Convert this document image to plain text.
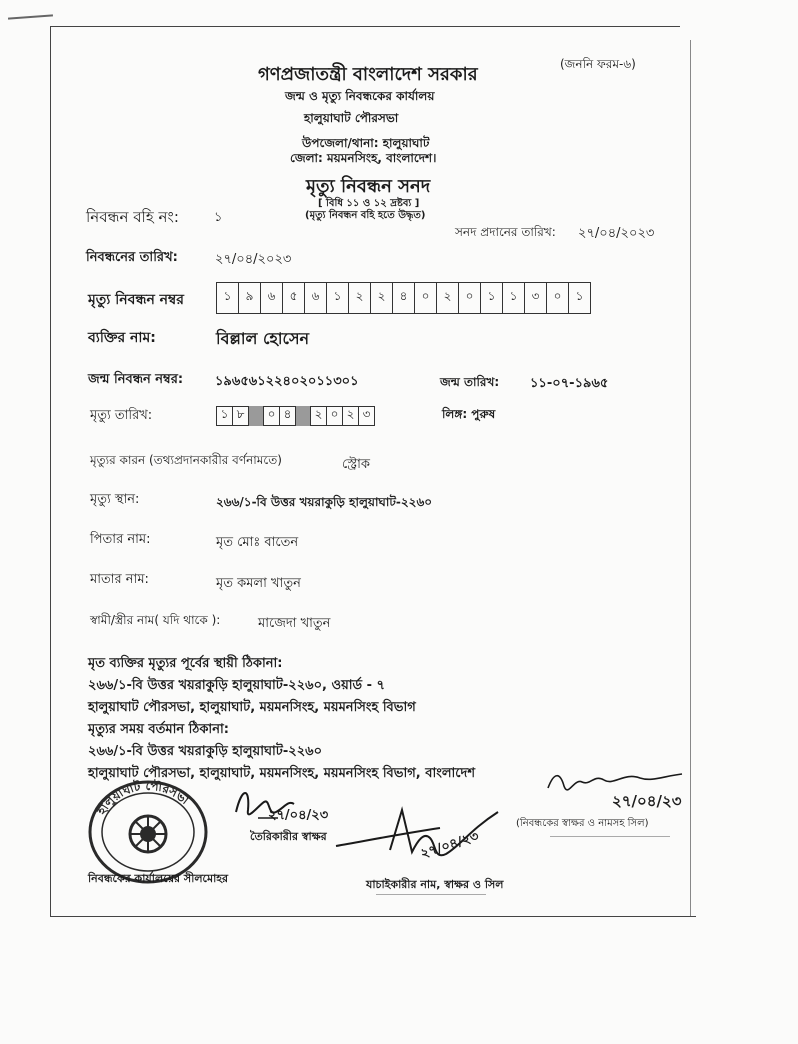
(জননি ফরম-৬)
গণপ্রজাতন্ত্রী বাংলাদেশ সরকার
জন্ম ও মৃত্যু নিবন্ধকের কার্যালয়
হালুয়াঘাট পৌরসভা
উপজেলা/থানা: হালুয়াঘাট
জেলা: ময়মনসিংহ, বাংলাদেশ।
মৃত্যু নিবন্ধন সনদ
[ বিধি ১১ ও ১২ দ্রষ্টব্য ]
(মৃত্যু নিবন্ধন বহি হতে উদ্ধৃত)
নিবন্ধন বহি নং:	১
সনদ প্রদানের তারিখ: ২৭/০৪/২০২৩
নিবন্ধনের তারিখ:	২৭/০৪/২০২৩
মৃত্যু নিবন্ধন নম্বর	১	৯	৬	৫	৬	১	২	২	৪	০	২	০	১	১	৩	০	১
ব্যক্তির নাম:	বিল্লাল হোসেন
জন্ম নিবন্ধন নম্বর: ১৯৬৫৬১২২৪০২০১১৩০১	জন্ম তারিখ: ১১-০৭-১৯৬৫
মৃত্যু তারিখ:	১ ৮	০ ৪	২ ০ ২ ৩	লিঙ্গ: পুরুষ
মৃত্যুর কারন (তথ্যপ্রদানকারীর বর্ণনামতে)	স্ট্রোক
মৃত্যু স্থান:	২৬৬/১-বি উত্তর খয়রাকুড়ি হালুয়াঘাট-২২৬০
পিতার নাম:	মৃত মোঃ বাতেন
মাতার নাম:	মৃত কমলা খাতুন
স্বামী/স্ত্রীর নাম( যদি থাকে ):	মাজেদা খাতুন
মৃত ব্যক্তির মৃত্যুর পূর্বের স্থায়ী ঠিকানা:
২৬৬/১-বি উত্তর খয়রাকুড়ি হালুয়াঘাট-২২৬০, ওয়ার্ড - ৭
হালুয়াঘাট পৌরসভা, হালুয়াঘাট, ময়মনসিংহ, ময়মনসিংহ বিভাগ
মৃত্যুর সময় বর্তমান ঠিকানা:
২৬৬/১-বি উত্তর খয়রাকুড়ি হালুয়াঘাট-২২৬০
হালুয়াঘাট পৌরসভা, হালুয়াঘাট, ময়মনসিংহ, ময়মনসিংহ বিভাগ, বাংলাদেশ
হালুয়াঘাট পৌরসভা
২৭/০৪/২৩
তৈরিকারীর স্বাক্ষর	২৭/০৪/২৩
২৭/০৪/২৩
(নিবন্ধকের স্বাক্ষর ও নামসহ সিল)
নিবন্ধকের কার্যালয়ের সীলমোহর	যাচাইকারীর নাম, স্বাক্ষর ও সিল
